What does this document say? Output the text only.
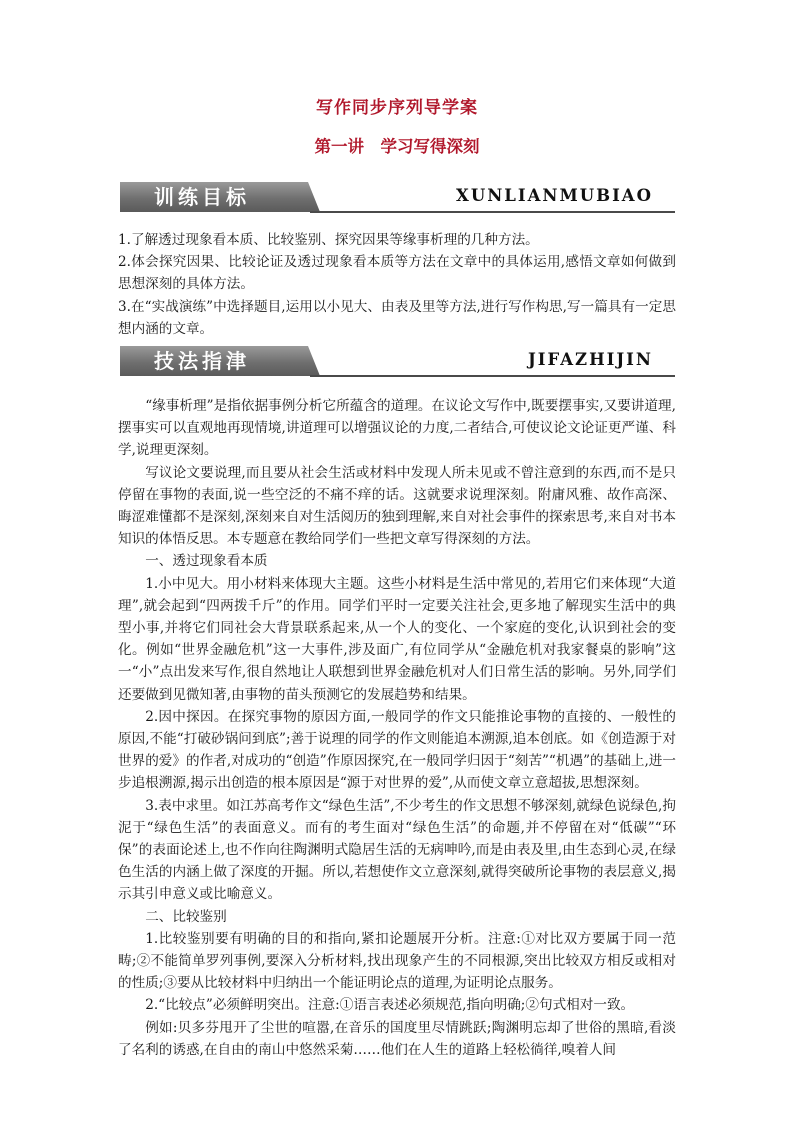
写作同步序列导学案
第一讲　学习写得深刻
训练目标	XUNLIANMUBIAO

1.了解透过现象看本质、比较鉴别、探究因果等缘事析理的几种方法。

2.体会探究因果、比较论证及透过现象看本质等方法在文章中的具体运用,感悟文章如何做到思想深刻的具体方法。

3.在“实战演练”中选择题目,运用以小见大、由表及里等方法,进行写作构思,写一篇具有一定思想内涵的文章。

技法指津	JIFAZHIJIN

“缘事析理”是指依据事例分析它所蕴含的道理。在议论文写作中,既要摆事实,又要讲道理,摆事实可以直观地再现情境,讲道理可以增强议论的力度,二者结合,可使议论文论证更严谨、科学,说理更深刻。

写议论文要说理,而且要从社会生活或材料中发现人所未见或不曾注意到的东西,而不是只停留在事物的表面,说一些空泛的不痛不痒的话。这就要求说理深刻。附庸风雅、故作高深、晦涩难懂都不是深刻,深刻来自对生活阅历的独到理解,来自对社会事件的探索思考,来自对书本知识的体悟反思。本专题意在教给同学们一些把文章写得深刻的方法。

一、透过现象看本质

1.小中见大。用小材料来体现大主题。这些小材料是生活中常见的,若用它们来体现“大道理”,就会起到“四两拨千斤”的作用。同学们平时一定要关注社会,更多地了解现实生活中的典型小事,并将它们同社会大背景联系起来,从一个人的变化、一个家庭的变化,认识到社会的变化。例如“世界金融危机”这一大事件,涉及面广,有位同学从“金融危机对我家餐桌的影响”这一“小”点出发来写作,很自然地让人联想到世界金融危机对人们日常生活的影响。另外,同学们还要做到见微知著,由事物的苗头预测它的发展趋势和结果。

2.因中探因。在探究事物的原因方面,一般同学的作文只能推论事物的直接的、一般性的原因,不能“打破砂锅问到底”;善于说理的同学的作文则能追本溯源,追本创底。如《创造源于对世界的爱》的作者,对成功的“创造”作原因探究,在一般同学归因于“刻苦”“机遇”的基础上,进一步追根溯源,揭示出创造的根本原因是“源于对世界的爱”,从而使文章立意超拔,思想深刻。

3.表中求里。如江苏高考作文“绿色生活”,不少考生的作文思想不够深刻,就绿色说绿色,拘泥于“绿色生活”的表面意义。而有的考生面对“绿色生活”的命题,并不停留在对“低碳”“环保”的表面论述上,也不作向往陶渊明式隐居生活的无病呻吟,而是由表及里,由生态到心灵,在绿色生活的内涵上做了深度的开掘。所以,若想使作文立意深刻,就得突破所论事物的表层意义,揭示其引申意义或比喻意义。

二、比较鉴别

1.比较鉴别要有明确的目的和指向,紧扣论题展开分析。注意:①对比双方要属于同一范畴;②不能简单罗列事例,要深入分析材料,找出现象产生的不同根源,突出比较双方相反或相对的性质;③要从比较材料中归纳出一个能证明论点的道理,为证明论点服务。

2.“比较点”必须鲜明突出。注意:①语言表述必须规范,指向明确;②句式相对一致。

例如:贝多芬甩开了尘世的喧嚣,在音乐的国度里尽情跳跃;陶渊明忘却了世俗的黑暗,看淡了名利的诱惑,在自由的南山中悠然采菊……他们在人生的道路上轻松徜徉,嗅着人间
